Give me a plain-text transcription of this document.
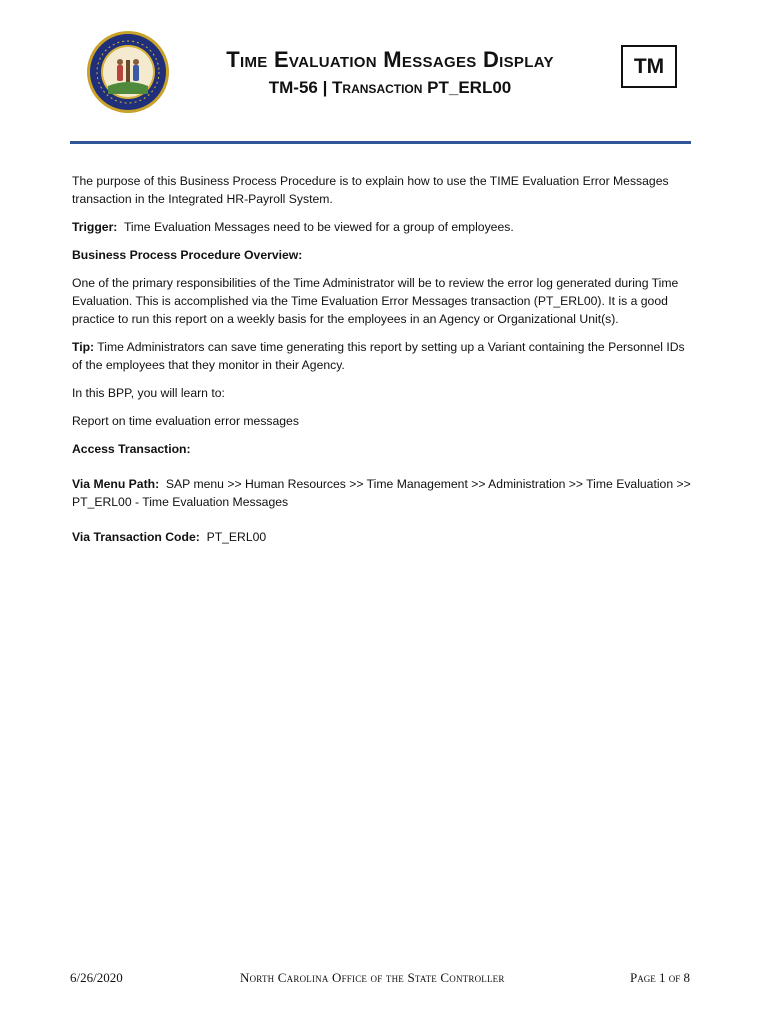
Time Evaluation Messages Display
TM-56 | Transaction PT_ERL00
TM

The purpose of this Business Process Procedure is to explain how to use the TIME Evaluation Error Messages transaction in the Integrated HR-Payroll System.

Trigger: Time Evaluation Messages need to be viewed for a group of employees.

Business Process Procedure Overview:

One of the primary responsibilities of the Time Administrator will be to review the error log generated during Time Evaluation. This is accomplished via the Time Evaluation Error Messages transaction (PT_ERL00). It is a good practice to run this report on a weekly basis for the employees in an Agency or Organizational Unit(s).

Tip: Time Administrators can save time generating this report by setting up a Variant containing the Personnel IDs of the employees that they monitor in their Agency.

In this BPP, you will learn to:

Report on time evaluation error messages

Access Transaction:

Via Menu Path: SAP menu >> Human Resources >> Time Management >> Administration >> Time Evaluation >> PT_ERL00 - Time Evaluation Messages

Via Transaction Code: PT_ERL00

6/26/2020	North Carolina Office of the State Controller	Page 1 of 8
